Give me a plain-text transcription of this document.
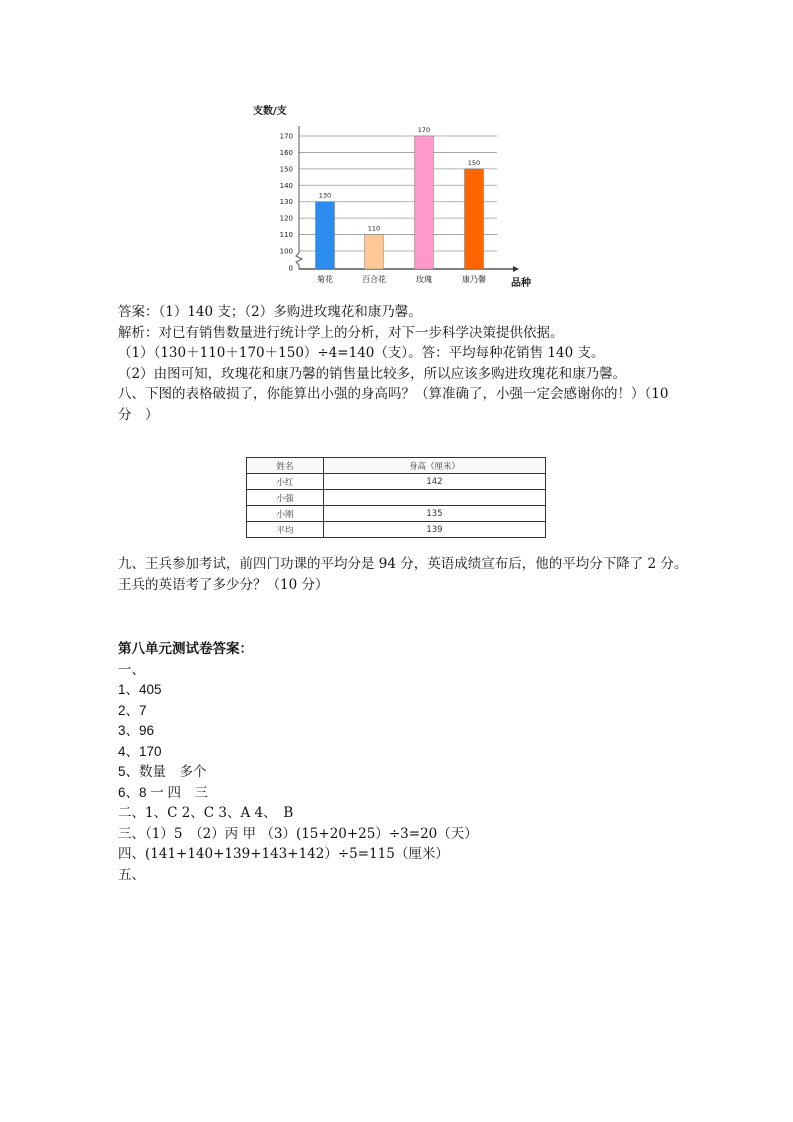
支数/支
0
100
110
120
130
140
150
160
170
130
菊花
110
百合花
170
玫瑰
150
康乃馨	品种

答案：（1）140 支；（2）多购进玫瑰花和康乃馨。

解析：对已有销售数量进行统计学上的分析，对下一步科学决策提供依据。

（1）（130＋110＋170＋150）÷4=140（支）。答：平均每种花销售 140 支。

（2）由图可知，玫瑰花和康乃馨的销售量比较多，所以应该多购进玫瑰花和康乃馨。

八、下图的表格破损了，你能算出小强的身高吗？（算准确了，小强一定会感谢你的！）（10 分　）

姓名	身高（厘米）
小红	142
小强	
小刚	135
平均	139

九、王兵参加考试，前四门功课的平均分是 94 分，英语成绩宣布后，他的平均分下降了 2 分。王兵的英语考了多少分？（10 分）

第八单元测试卷答案：

一、

1、405

2、7

3、96

4、170

5、数量　多个

6、8 一 四　三

二、1、C 2、C 3、A 4、　B

三、（1）5　（2）丙 甲 （3）(15+20+25）÷3=20（天）

四、(141+140+139+143+142）÷5=115（厘米）

五、
